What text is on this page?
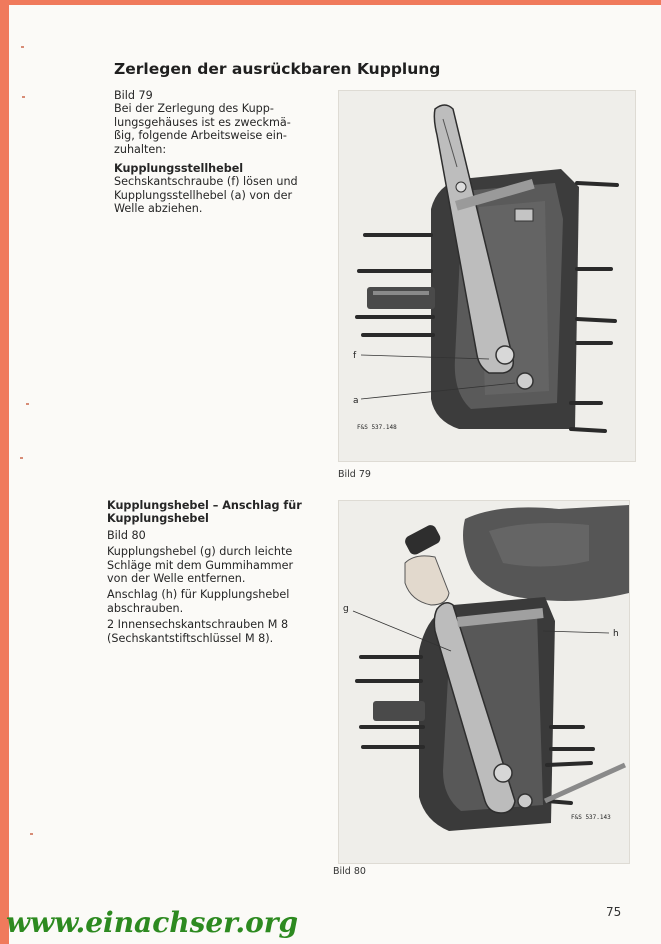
Zerlegen der ausrückbaren Kupplung

Bild 79

Bei der Zerlegung des Kupp-

lungsgehäuses ist es zweckmä-

ßig, folgende Arbeitsweise ein-

zuhalten:

Kupplungsstellhebel

Sechskantschraube (f) lösen und

Kupplungsstellhebel (a) von der

Welle abziehen.

Kupplungshebel – Anschlag für

Kupplungshebel

Bild 80

Kupplungshebel (g) durch leichte

Schläge mit dem Gummihammer

von der Welle entfernen.

Anschlag (h) für Kupplungshebel

abschrauben.

2 Innensechskantschrauben M 8

(Sechskantstiftschlüssel M 8).

f
a
F&S 537.148
Bild 79
g
h
F&S 537.143
Bild 80
www.einachser.org	75
